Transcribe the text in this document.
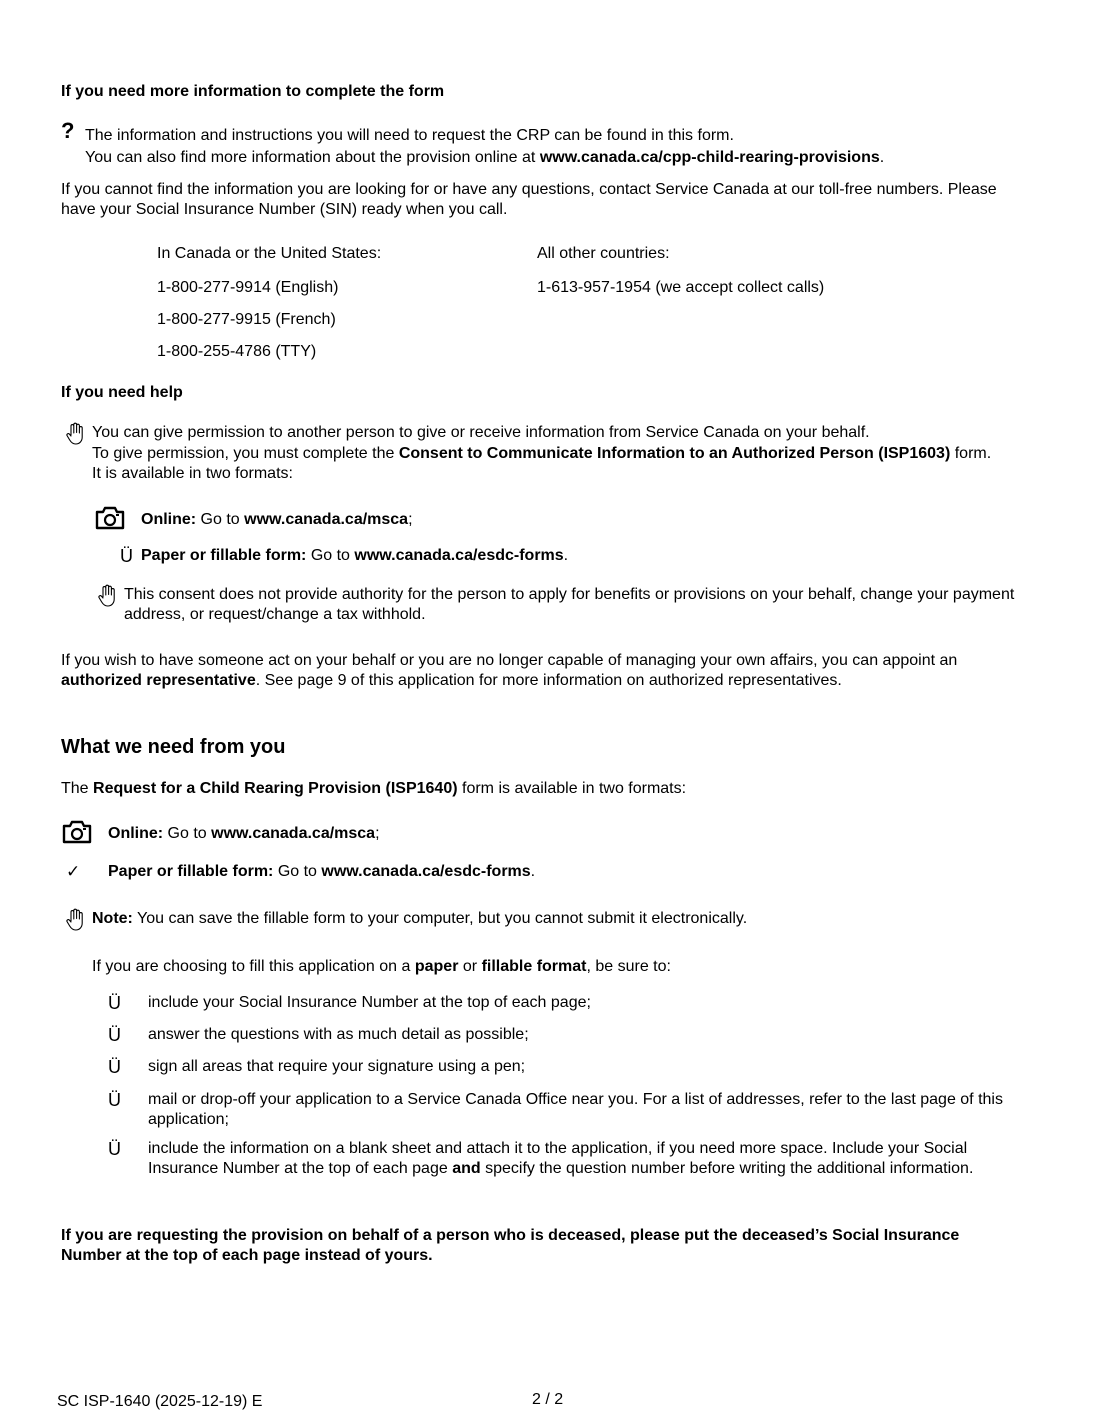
If you need more information to complete the form
? The information and instructions you will need to request the CRP can be found in this form.
You can also find more information about the provision online at www.canada.ca/cpp-child-rearing-provisions.
If you cannot find the information you are looking for or have any questions, contact Service Canada at our toll-free numbers. Please have your Social Insurance Number (SIN) ready when you call.
In Canada or the United States:
1-800-277-9914 (English)
1-800-277-9915 (French)
1-800-255-4786 (TTY)
All other countries:
1-613-957-1954 (we accept collect calls)
If you need help
You can give permission to another person to give or receive information from Service Canada on your behalf.
To give permission, you must complete the Consent to Communicate Information to an Authorized Person (ISP1603) form. It is available in two formats:
Online: Go to www.canada.ca/msca;
Ü Paper or fillable form: Go to www.canada.ca/esdc-forms.
This consent does not provide authority for the person to apply for benefits or provisions on your behalf, change your payment address, or request/change a tax withhold.
If you wish to have someone act on your behalf or you are no longer capable of managing your own affairs, you can appoint an authorized representative. See page 9 of this application for more information on authorized representatives.
What we need from you
The Request for a Child Rearing Provision (ISP1640) form is available in two formats:
Online: Go to www.canada.ca/msca;
✓ Paper or fillable form: Go to www.canada.ca/esdc-forms.
Note: You can save the fillable form to your computer, but you cannot submit it electronically.
If you are choosing to fill this application on a paper or fillable format, be sure to:
Ü include your Social Insurance Number at the top of each page;
Ü answer the questions with as much detail as possible;
Ü sign all areas that require your signature using a pen;
Ü mail or drop-off your application to a Service Canada Office near you. For a list of addresses, refer to the last page of this application;
Ü include the information on a blank sheet and attach it to the application, if you need more space. Include your Social Insurance Number at the top of each page and specify the question number before writing the additional information.
If you are requesting the provision on behalf of a person who is deceased, please put the deceased’s Social Insurance Number at the top of each page instead of yours.
SC ISP-1640 (2025-12-19) E	2 / 2
